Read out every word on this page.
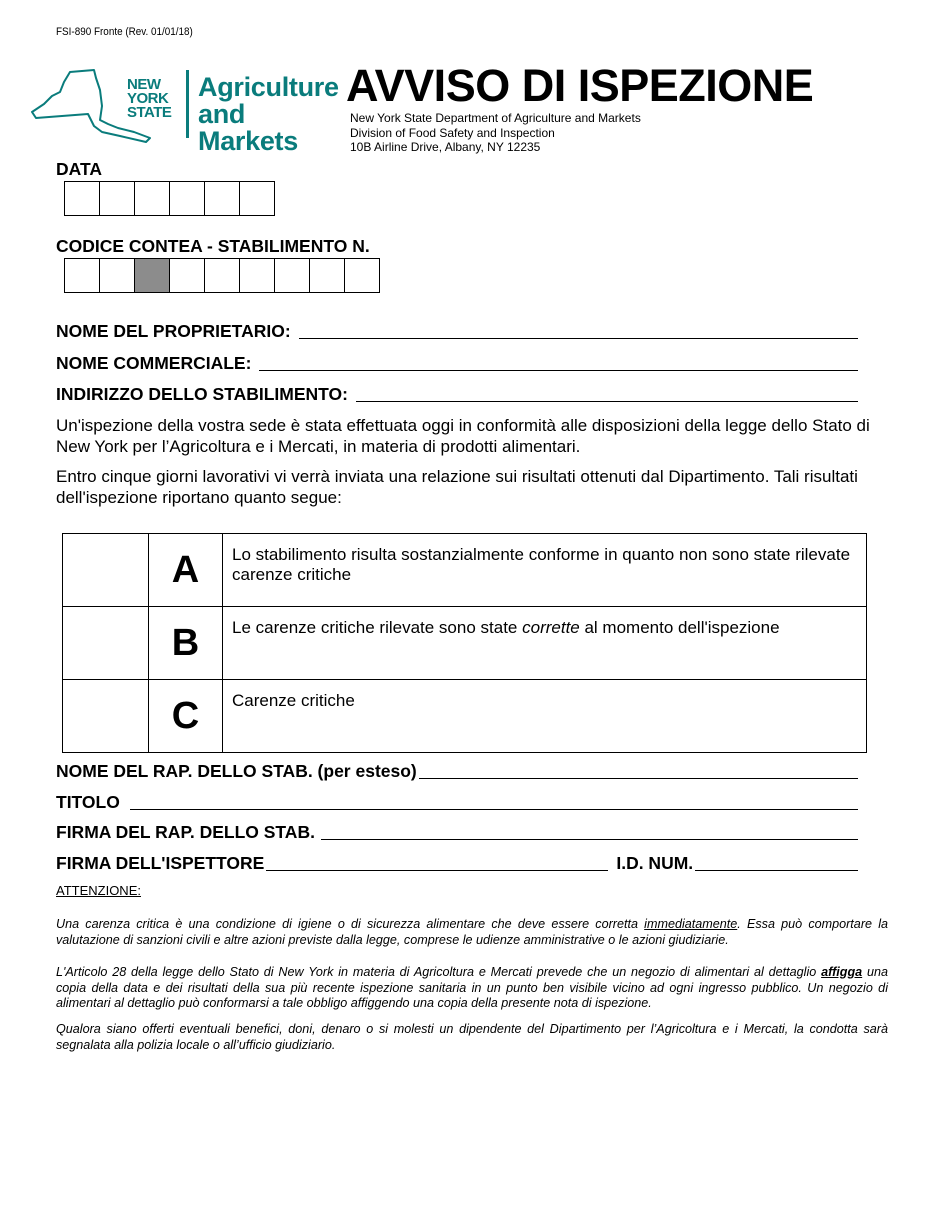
FSI-890 Fronte (Rev. 01/01/18)
NEW
YORK
STATE
Agriculture
and Markets
AVVISO DI ISPEZIONE
New York State Department of Agriculture and Markets
Division of Food Safety and Inspection
10B Airline Drive, Albany, NY 12235
DATA
CODICE CONTEA - STABILIMENTO N.
NOME DEL PROPRIETARIO:
NOME COMMERCIALE:
INDIRIZZO DELLO STABILIMENTO:
Un'ispezione della vostra sede è stata effettuata oggi in conformità alle disposizioni della legge dello Stato di New York per l’Agricoltura e i Mercati, in materia di prodotti alimentari.
Entro cinque giorni lavorativi vi verrà inviata una relazione sui risultati ottenuti dal Dipartimento. Tali risultati dell'ispezione riportano quanto segue:
	A	Lo stabilimento risulta sostanzialmente conforme in quanto non sono state rilevate carenze critiche
	B	Le carenze critiche rilevate sono state corrette al momento dell'ispezione
	C	Carenze critiche
NOME DEL RAP. DELLO STAB. (per esteso)
TITOLO
FIRMA DEL RAP. DELLO STAB.
FIRMA DELL'ISPETTORE	I.D. NUM.
ATTENZIONE:
Una carenza critica è una condizione di igiene o di sicurezza alimentare che deve essere corretta immediatamente. Essa può comportare la valutazione di sanzioni civili e altre azioni previste dalla legge, comprese le udienze amministrative o le azioni giudiziarie.
L'Articolo 28 della legge dello Stato di New York in materia di Agricoltura e Mercati prevede che un negozio di alimentari al dettaglio affigga una copia della data e dei risultati della sua più recente ispezione sanitaria in un punto ben visibile vicino ad ogni ingresso pubblico. Un negozio di alimentari al dettaglio può conformarsi a tale obbligo affiggendo una copia della presente nota di ispezione.
Qualora siano offerti eventuali benefici, doni, denaro o si molesti un dipendente del Dipartimento per l’Agricoltura e i Mercati, la condotta sarà segnalata alla polizia locale o all’ufficio giudiziario.
